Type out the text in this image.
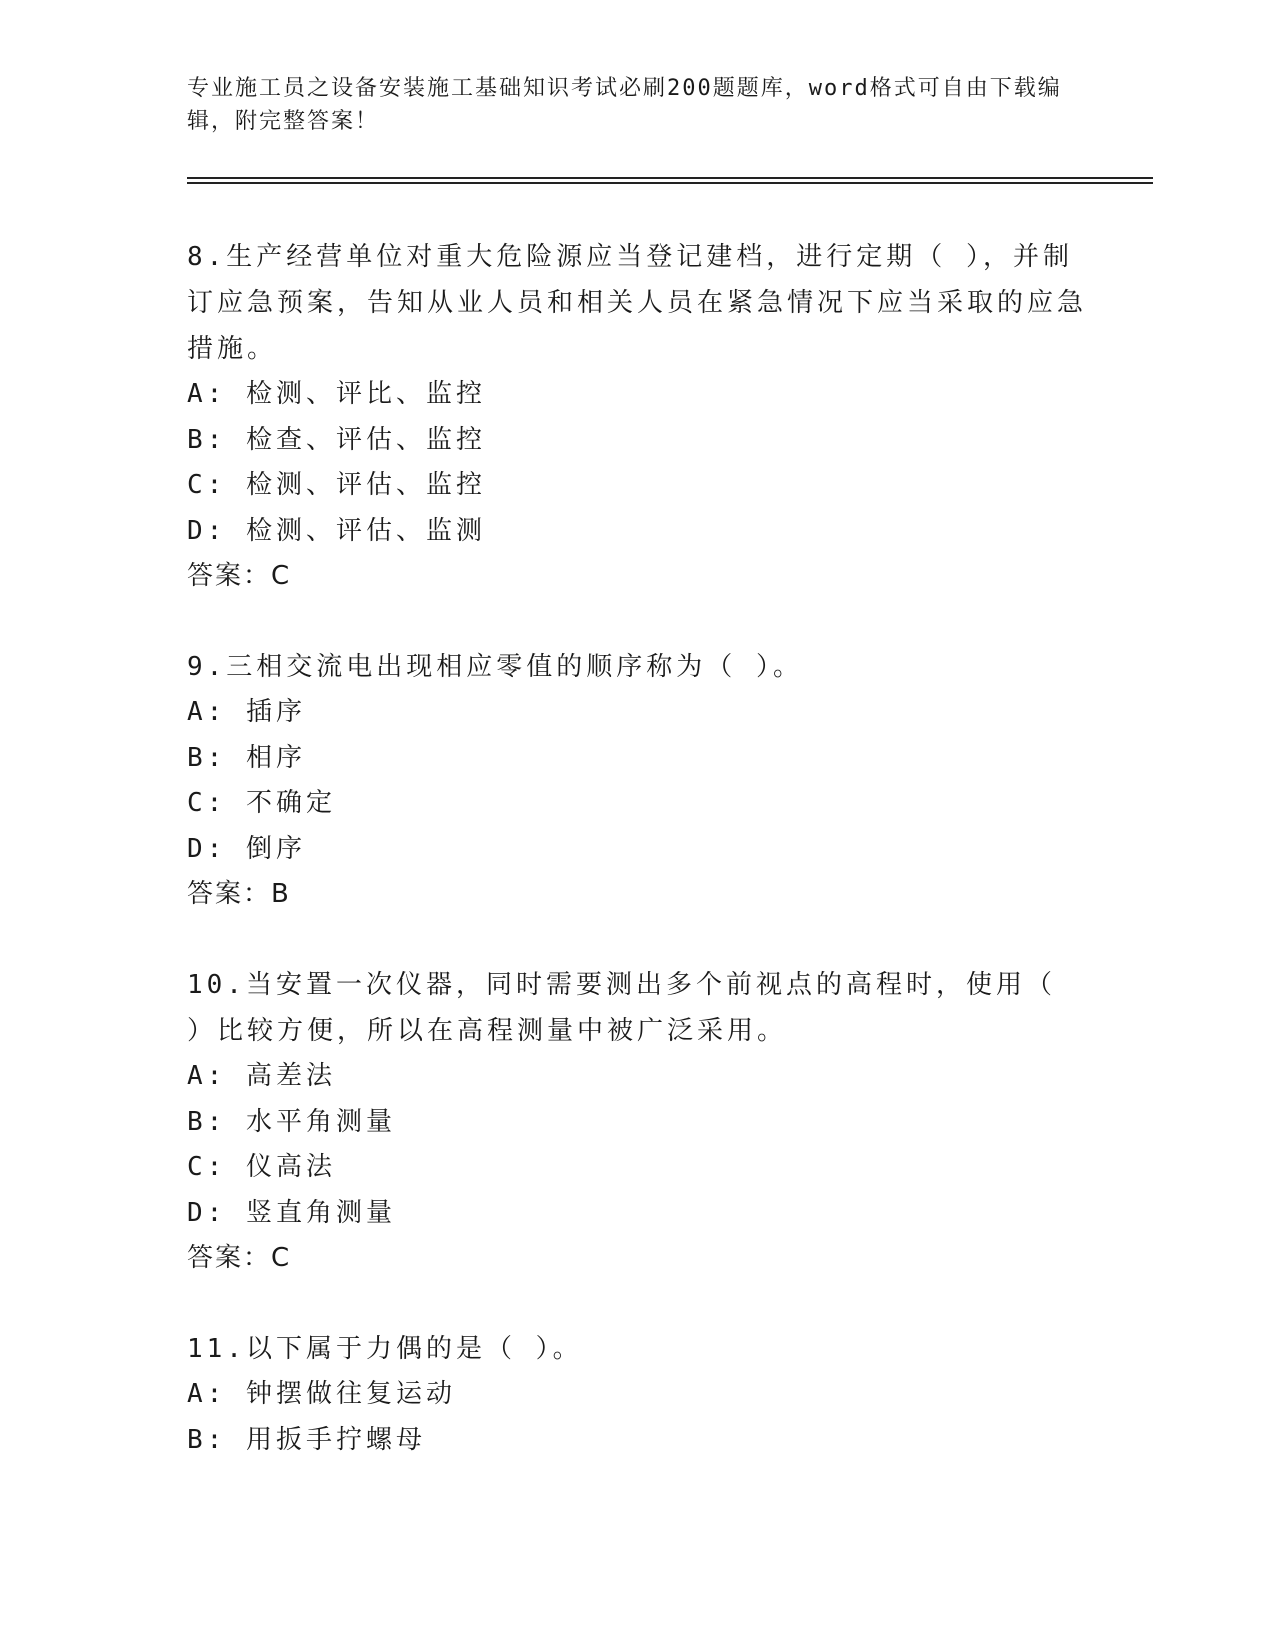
专业施工员之设备安装施工基础知识考试必刷200题题库，word格式可自由下载编辑，附完整答案！
8.生产经营单位对重大危险源应当登记建档，进行定期（ ），并制订应急预案，告知从业人员和相关人员在紧急情况下应当采取的应急措施。
A: 检测、评比、监控
B: 检查、评估、监控
C: 检测、评估、监控
D: 检测、评估、监测
答案：C
9.三相交流电出现相应零值的顺序称为（ ）。
A: 插序
B: 相序
C: 不确定
D: 倒序
答案：B
10.当安置一次仪器，同时需要测出多个前视点的高程时，使用（ ）比较方便，所以在高程测量中被广泛采用。
A: 高差法
B: 水平角测量
C: 仪高法
D: 竖直角测量
答案：C
11.以下属于力偶的是（ ）。
A: 钟摆做往复运动
B: 用扳手拧螺母
